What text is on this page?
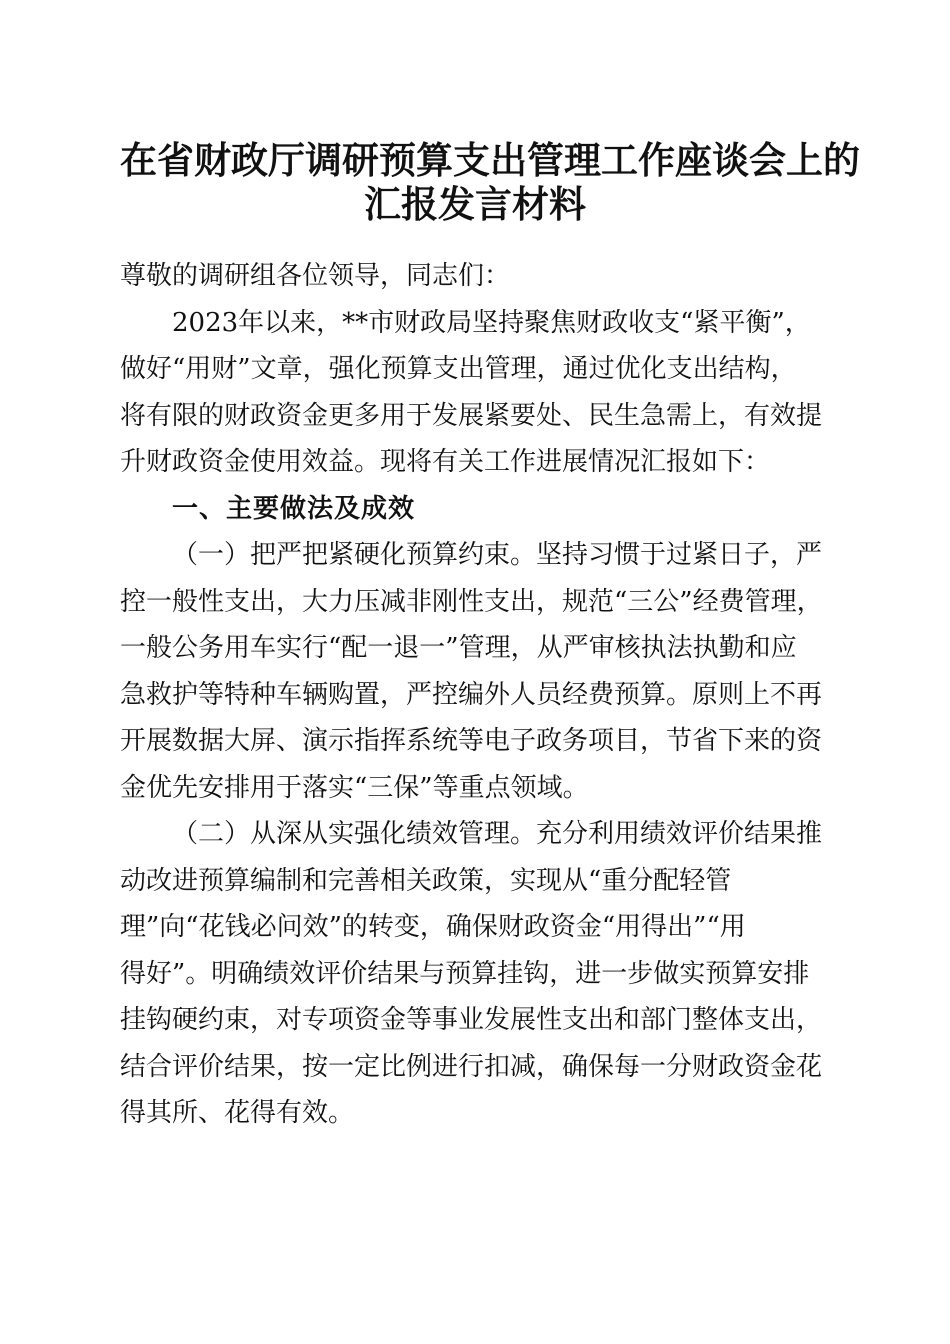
在省财政厅调研预算支出管理工作座谈会上的
汇报发言材料
尊敬的调研组各位领导，同志们：
2023年以来，**市财政局坚持聚焦财政收支“紧平衡”，
做好“用财”文章，强化预算支出管理，通过优化支出结构，
将有限的财政资金更多用于发展紧要处、民生急需上，有效提
升财政资金使用效益。现将有关工作进展情况汇报如下：
一、主要做法及成效
（一）把严把紧硬化预算约束。坚持习惯于过紧日子，严
控一般性支出，大力压减非刚性支出，规范“三公”经费管理，
一般公务用车实行“配一退一”管理，从严审核执法执勤和应
急救护等特种车辆购置，严控编外人员经费预算。原则上不再
开展数据大屏、演示指挥系统等电子政务项目，节省下来的资
金优先安排用于落实“三保”等重点领域。
（二）从深从实强化绩效管理。充分利用绩效评价结果推
动改进预算编制和完善相关政策，实现从“重分配轻管
理”向“花钱必问效”的转变，确保财政资金“用得出”“用
得好”。明确绩效评价结果与预算挂钩，进一步做实预算安排
挂钩硬约束，对专项资金等事业发展性支出和部门整体支出，
结合评价结果，按一定比例进行扣减，确保每一分财政资金花
得其所、花得有效。
